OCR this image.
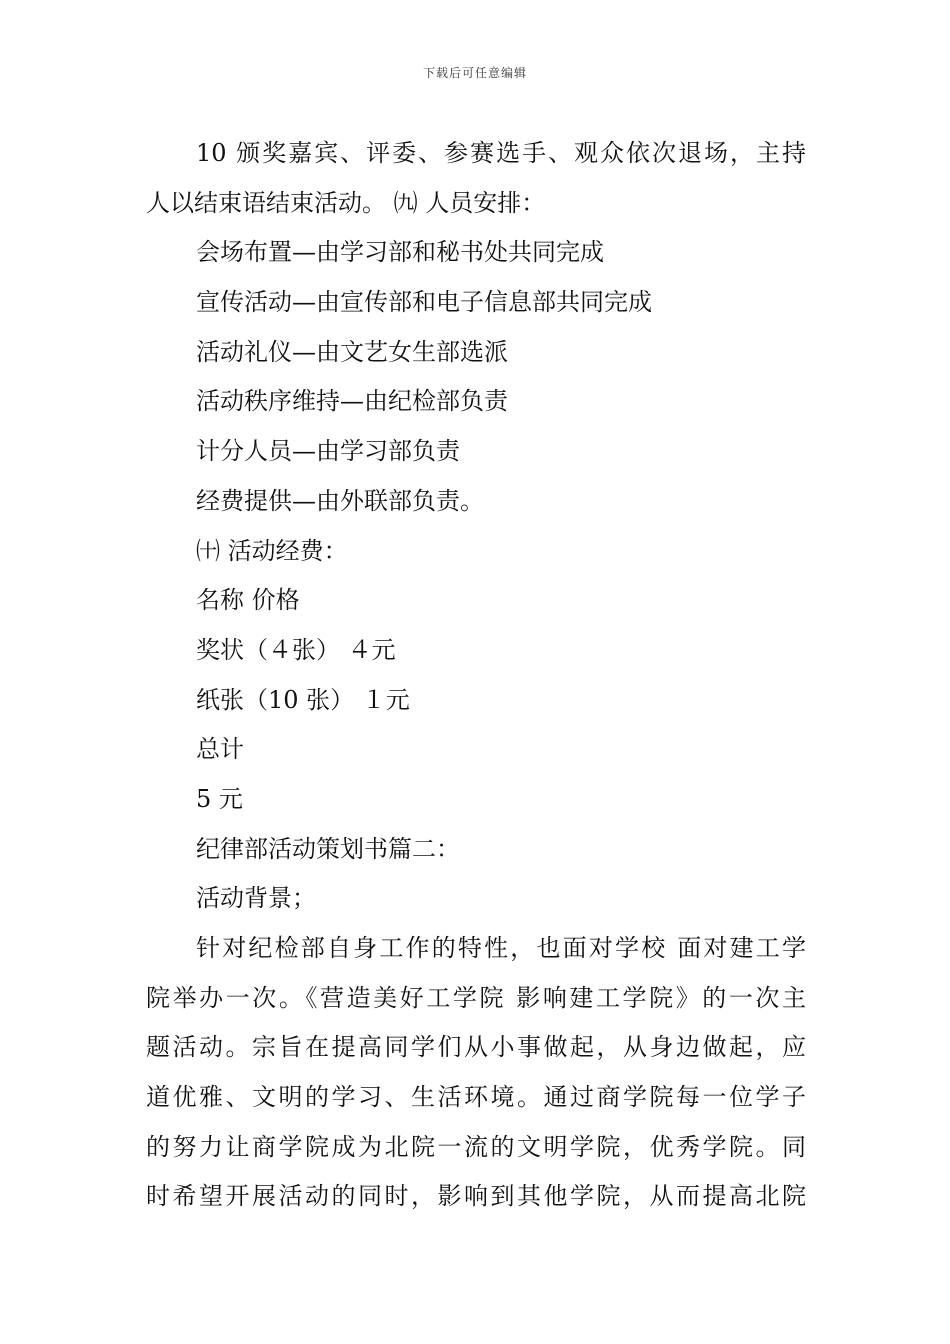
下载后可任意编辑
10 颁奖嘉宾、评委、参赛选手、观众依次退场，主持
人以结束语结束活动。 ㈨ 人员安排：
会场布置—由学习部和秘书处共同完成
宣传活动—由宣传部和电子信息部共同完成
活动礼仪—由文艺女生部选派
活动秩序维持—由纪检部负责
计分人员—由学习部负责
经费提供—由外联部负责。
㈩ 活动经费：
名称 价格
奖状（４张） ４元
纸张（10 张） １元
总计
5 元
纪律部活动策划书篇二：
活动背景；
针对纪检部自身工作的特性，也面对学校 面对建工学
院举办一次。《营造美好工学院 影响建工学院》的一次主
题活动。宗旨在提高同学们从小事做起，从身边做起，应
道优雅、文明的学习、生活环境。通过商学院每一位学子
的努力让商学院成为北院一流的文明学院，优秀学院。同
时希望开展活动的同时，影响到其他学院，从而提高北院
